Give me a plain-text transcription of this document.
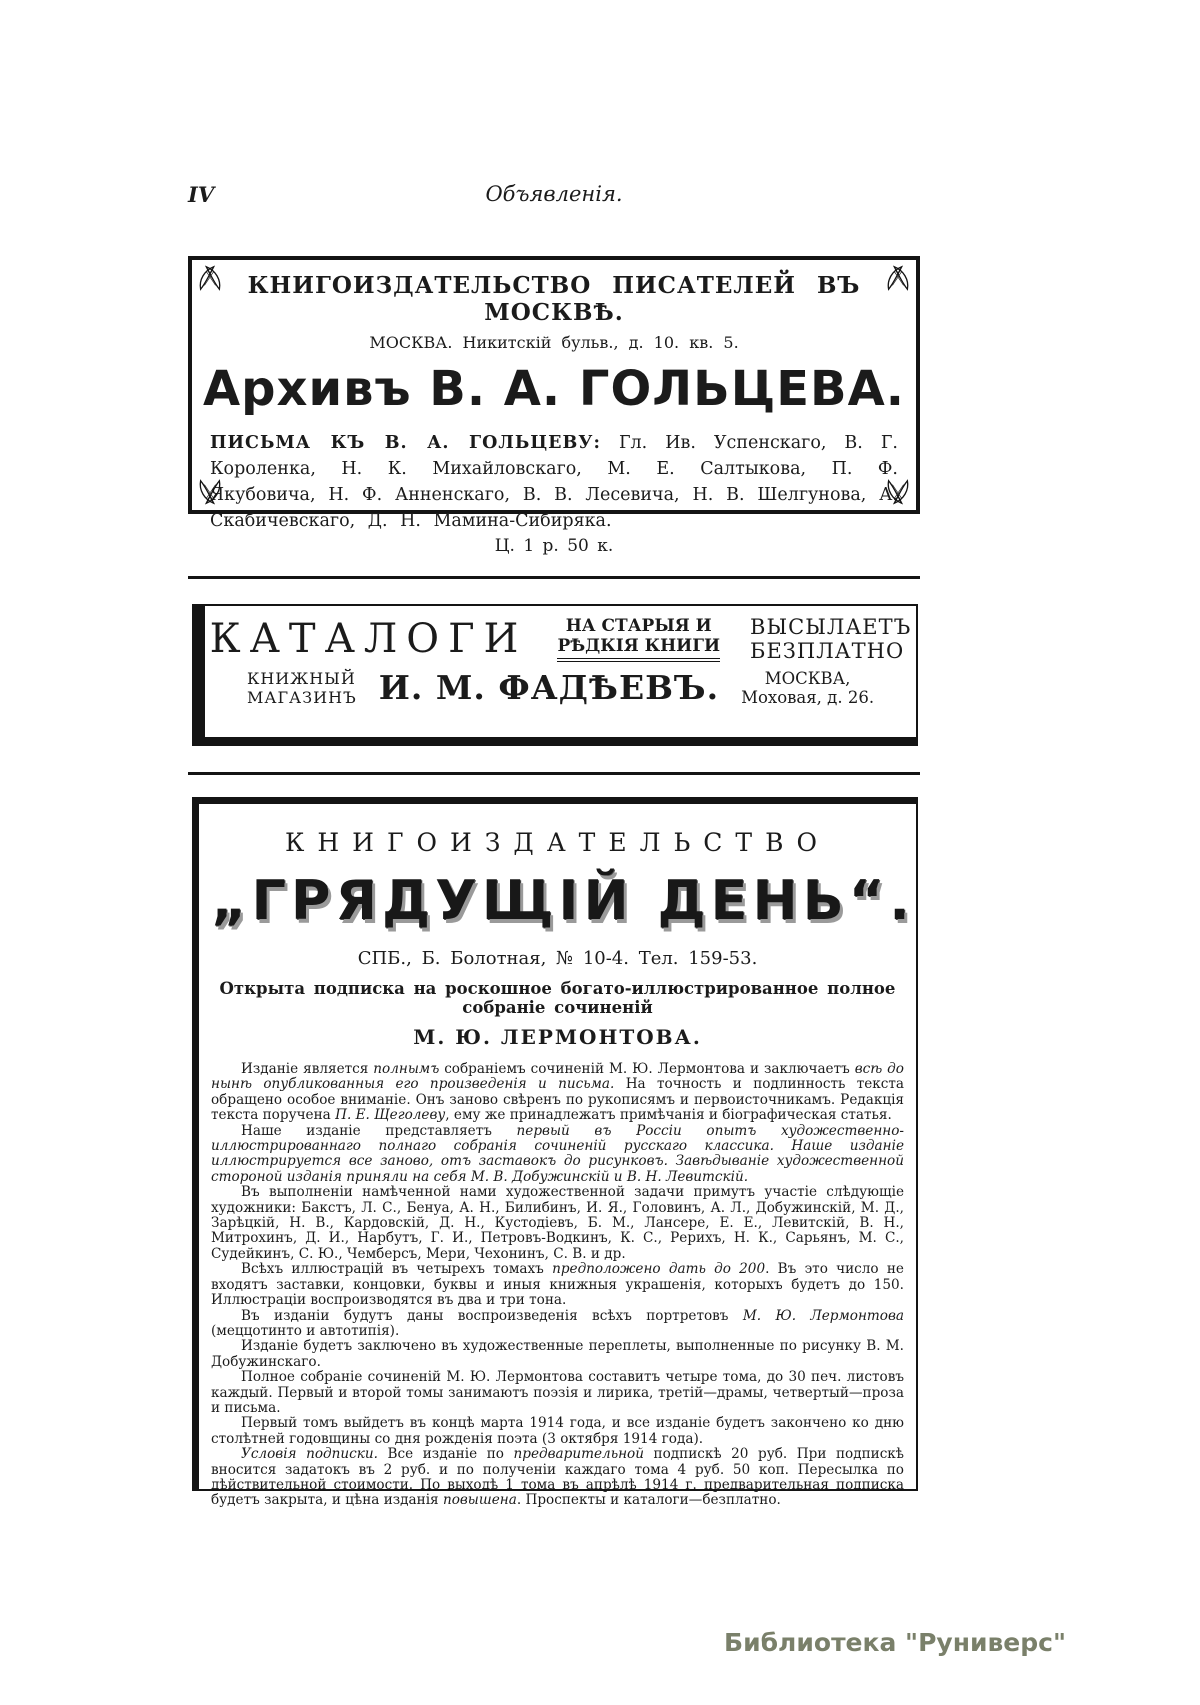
IV	Объявленія.
КНИГОИЗДАТЕЛЬСТВО ПИСАТЕЛЕЙ ВЪ МОСКВѢ.
МОСКВА. Никитскій бульв., д. 10. кв. 5.
Архивъ В. А. ГОЛЬЦЕВА.

ПИСЬМА КЪ В. А. ГОЛЬЦЕВУ: Гл. Ив. Успенскаго, В. Г. Короленка, Н. К. Михайловскаго, М. Е. Салтыкова, П. Ф. Якубовича, Н. Ф. Анненскаго, В. В. Лесевича, Н. В. Шелгунова, А. Скабичевскаго, Д. Н. Мамина-Сибиряка.

Ц. 1 р. 50 к.
КАТАЛОГИ	НА СТАРЫЯ И
РѢДКІЯ КНИГИ
ВЫСЫЛАЕТЪ
БЕЗПЛАТНО
КНИЖНЫЙ
МАГАЗИНЪ И. М. ФАДѢЕВЪ.	МОСКВА,
Моховая, д. 26.
КНИГОИЗДАТЕЛЬСТВО
„ГРЯДУЩІЙ ДЕНЬ“.
СПБ., Б. Болотная, № 10-4. Тел. 159-53.
Открыта подписка на роскошное богато-иллюстрированное полное собраніе сочиненій
М. Ю. ЛЕРМОНТОВА.

Изданіе является полнымъ собраніемъ сочиненій М. Ю. Лермонтова и заключаетъ всѣ до нынѣ опубликованныя его произведенія и письма. На точность и подлинность текста обращено особое вниманіе. Онъ заново свѣренъ по рукописямъ и первоисточникамъ. Редакція текста поручена П. Е. Щеголеву, ему же принадлежатъ примѣчанія и біографическая статья.

Наше изданіе представляетъ первый въ Россіи опытъ художественно-иллюстрированнаго полнаго собранія сочиненій русскаго классика. Наше изданіе иллюстрируется все заново, отъ заставокъ до рисунковъ. Завѣдываніе художественной стороной изданія приняли на себя М. В. Добужинскій и В. Н. Левитскій.

Въ выполненіи намѣченной нами художественной задачи примутъ участіе слѣдующіе художники: Бакстъ, Л. С., Бенуа, А. Н., Билибинъ, И. Я., Головинъ, А. Л., Добужинскій, М. Д., Зарѣцкій, Н. В., Кардовскій, Д. Н., Кустодіевъ, Б. М., Лансере, Е. Е., Левитскій, В. Н., Митрохинъ, Д. И., Нарбутъ, Г. И., Петровъ-Водкинъ, К. С., Рерихъ, Н. К., Сарьянъ, М. С., Судейкинъ, С. Ю., Чемберсъ, Мери, Чехонинъ, С. В. и др.

Всѣхъ иллюстрацій въ четырехъ томахъ предположено дать до 200. Въ это число не входятъ заставки, концовки, буквы и иныя книжныя украшенія, которыхъ будетъ до 150. Иллюстраціи воспроизводятся въ два и три тона.

Въ изданіи будутъ даны воспроизведенія всѣхъ портретовъ М. Ю. Лермонтова (меццотинто и автотипія).

Изданіе будетъ заключено въ художественные переплеты, выполненные по рисунку В. М. Добужинскаго.

Полное собраніе сочиненій М. Ю. Лермонтова составитъ четыре тома, до 30 печ. листовъ каждый. Первый и второй томы занимаютъ поэзія и лирика, третій—драмы, четвертый—проза и письма.

Первый томъ выйдетъ въ концѣ марта 1914 года, и все изданіе будетъ закончено ко дню столѣтней годовщины со дня рожденія поэта (3 октября 1914 года).

Условія подписки. Все изданіе по предварительной подпискѣ 20 руб. При подпискѣ вносится задатокъ въ 2 руб. и по полученіи каждаго тома 4 руб. 50 коп. Пересылка по дѣйствительной стоимости. По выходѣ 1 тома въ апрѣлѣ 1914 г. предварительная подписка будетъ закрыта, и цѣна изданія повышена. Проспекты и каталоги—безплатно.

Библиотека "Руниверс"
